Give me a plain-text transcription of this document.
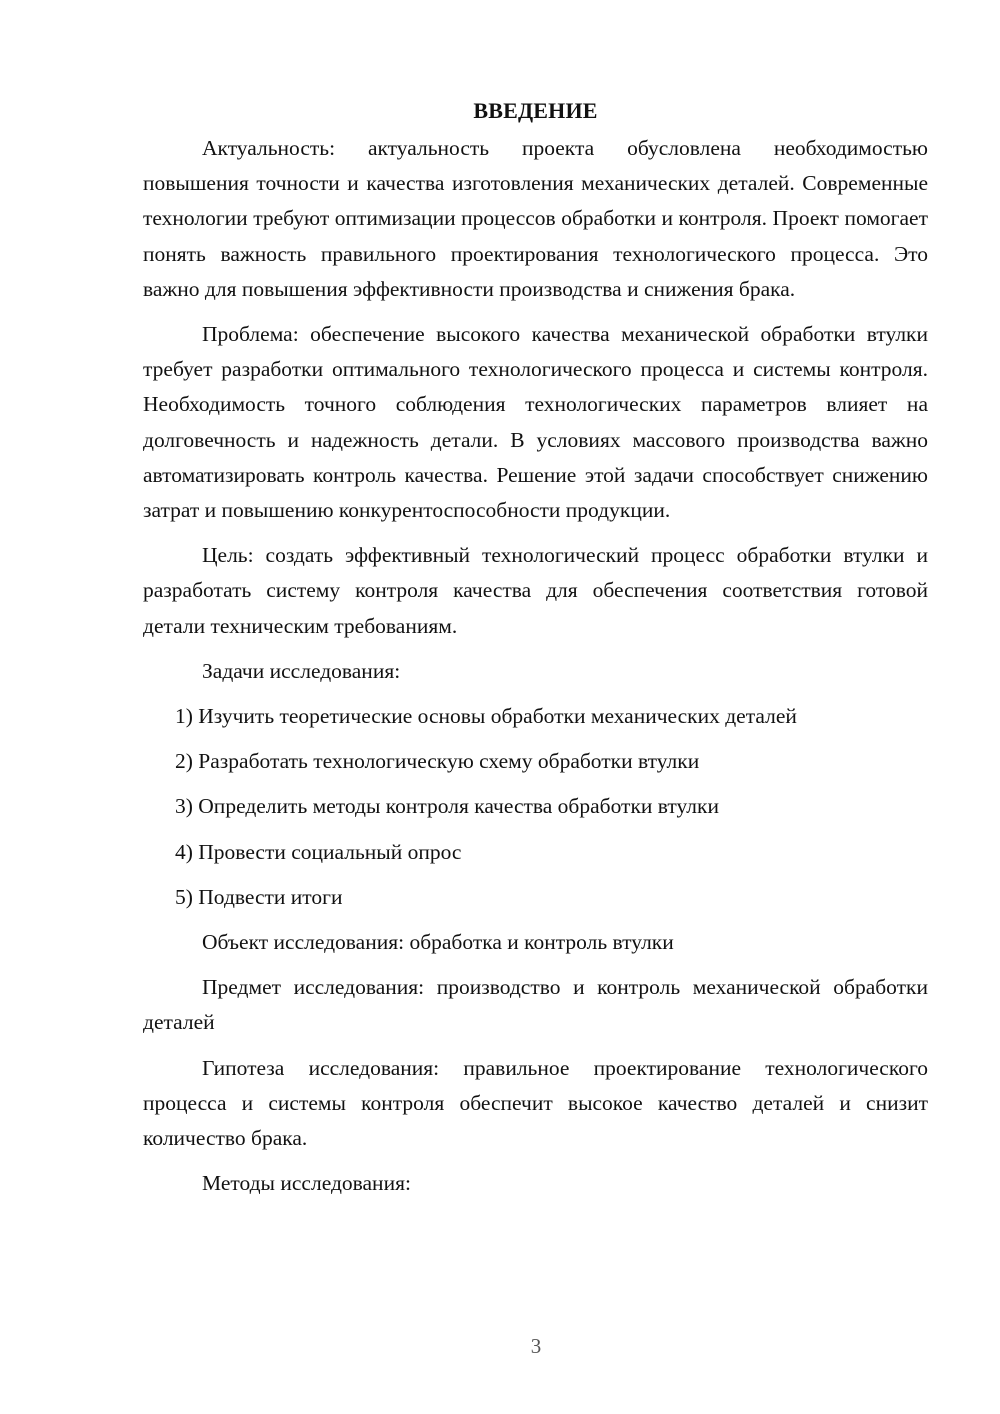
ВВЕДЕНИЕ

Актуальность: актуальность проекта обусловлена необходимостью повышения точности и качества изготовления механических деталей. Современные технологии требуют оптимизации процессов обработки и контроля. Проект помогает понять важность правильного проектирования технологического процесса. Это важно для повышения эффективности производства и снижения брака.

Проблема: обеспечение высокого качества механической обработки втулки требует разработки оптимального технологического процесса и системы контроля. Необходимость точного соблюдения технологических параметров влияет на долговечность и надежность детали. В условиях массового производства важно автоматизировать контроль качества. Решение этой задачи способствует снижению затрат и повышению конкурентоспособности продукции.

Цель: создать эффективный технологический процесс обработки втулки и разработать систему контроля качества для обеспечения соответствия готовой детали техническим требованиям.

Задачи исследования:

1) Изучить теоретические основы обработки механических деталей
2) Разработать технологическую схему обработки втулки
3) Определить методы контроля качества обработки втулки
4) Провести социальный опрос
5) Подвести итоги

Объект исследования: обработка и контроль втулки

Предмет исследования: производство и контроль механической обработки деталей

Гипотеза исследования: правильное проектирование технологического процесса и системы контроля обеспечит высокое качество деталей и снизит количество брака.

Методы исследования:

3
